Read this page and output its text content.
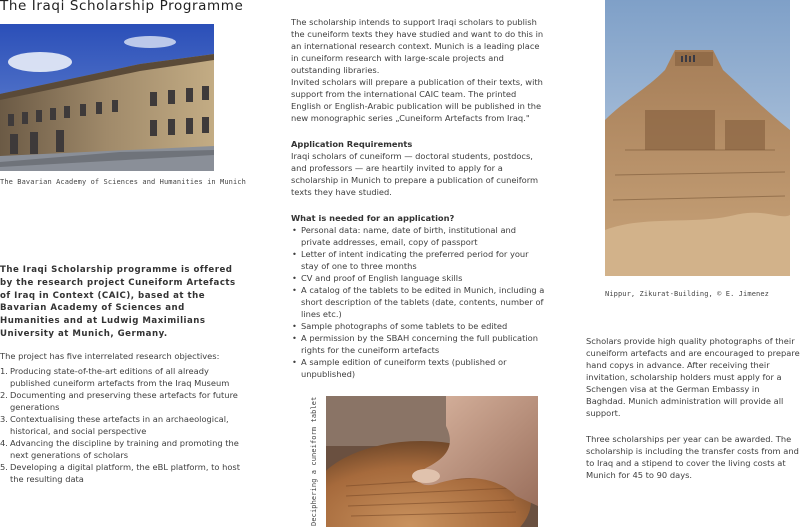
The Iraqi Scholarship Programme
The Bavarian Academy of Sciences and Humanities in Munich
The Iraqi Scholarship programme is offered by the research project Cuneiform Artefacts of Iraq in Context (CAIC), based at the Bavarian Academy of Sciences and Humanities and at Ludwig Maximilians University at Munich, Germany.

The project has five interrelated research objectives:

1. Producing state-of-the-art editions of all already published cuneiform artefacts from the Iraq Museum
2. Documenting and preserving these artefacts for future generations
3. Contextualising these artefacts in an archaeological, historical, and social perspective
4. Advancing the discipline by training and promoting the next generations of scholars
5. Developing a digital platform, the eBL platform, to host the resulting data

The scholarship intends to support Iraqi scholars to publish the cuneiform texts they have studied and want to do this in an international research context. Munich is a leading place in cuneiform research with large-scale projects and outstanding libraries.

Invited scholars will prepare a publication of their texts, with support from the international CAIC team. The printed English or English-Arabic publication will be published in the new monographic series „Cuneiform Artefacts from Iraq."

Application Requirements

Iraqi scholars of cuneiform — doctoral students, postdocs, and professors — are heartily invited to apply for a scholarship in Munich to prepare a publication of cuneiform texts they have studied.

What is needed for an application?

• Personal data: name, date of birth, institutional and private addresses, email, copy of passport
• Letter of intent indicating the preferred period for your stay of one to three months
• CV and proof of English language skills
• A catalog of the tablets to be edited in Munich, including a short description of the tablets (date, contents, number of lines etc.)
• Sample photographs of some tablets to be edited
• A permission by the SBAH concerning the full publication rights for the cuneiform artefacts
• A sample edition of cuneiform texts (published or unpublished)
Deciphering a cuneiform tablet
Nippur, Zikurat-Building, © E. Jimenez

Scholars provide high quality photographs of their cuneiform artefacts and are encouraged to prepare hand copys in advance. After receiving their invitation, scholarship holders must apply for a Schengen visa at the German Embassy in Baghdad. Munich administration will provide all support.

Three scholarships per year can be awarded. The scholarship is including the transfer costs from and to Iraq and a stipend to cover the living costs at Munich for 45 to 90 days.
